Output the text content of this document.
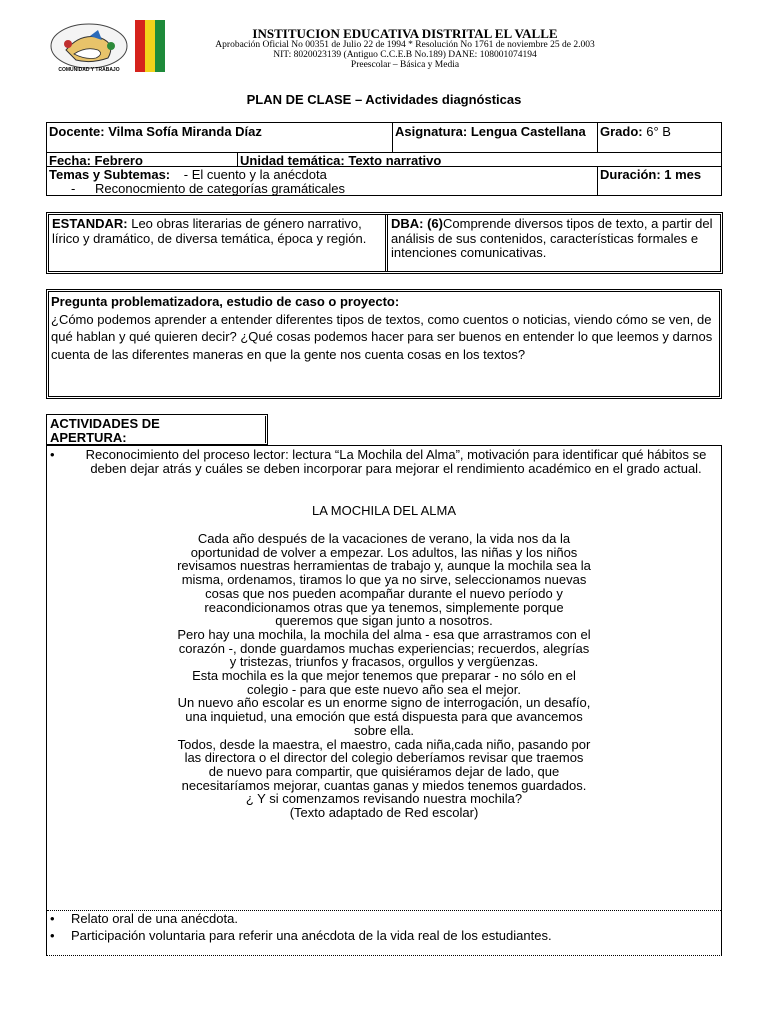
COMUNIDAD Y TRABAJO
INSTITUCION EDUCATIVA DISTRITAL EL VALLE
Aprobación Oficial No 00351 de Julio 22 de 1994 * Resolución No 1761 de noviembre 25 de 2.003
NIT: 8020023139 (Antiguo C.C.E.B No.189) DANE: 108001074194
Preescolar – Básica y Media
PLAN DE CLASE – Actividades diagnósticas
Docente: Vilma Sofía Miranda Díaz	Asignatura: Lengua Castellana	Grado: 6° B
Fecha: Febrero	Unidad temática: Texto narrativo
Temas y Subtemas: - El cuento y la anécdota
- Reconocmiento de categorías gramáticales
Duración: 1 mes
ESTANDAR: Leo obras literarias de género narrativo, lírico y dramático, de diversa temática, época y región.
DBA: (6)Comprende diversos tipos de texto, a partir del análisis de sus contenidos, características formales e intenciones comunicativas.
Pregunta problematizadora, estudio de caso o proyecto:
¿Cómo podemos aprender a entender diferentes tipos de textos, como cuentos o noticias, viendo cómo se ven, de qué hablan y qué quieren decir? ¿Qué cosas podemos hacer para ser buenos en entender lo que leemos y darnos cuenta de las diferentes maneras en que la gente nos cuenta cosas en los textos?
ACTIVIDADES DE
APERTURA:
•	Reconocimiento del proceso lector: lectura “La Mochila del Alma”, motivación para identificar qué hábitos se deben dejar atrás y cuáles se deben incorporar para mejorar el rendimiento académico en el grado actual.
LA MOCHILA DEL ALMA
Cada año después de la vacaciones de verano, la vida nos da la
oportunidad de volver a empezar. Los adultos, las niñas y los niños
revisamos nuestras herramientas de trabajo y, aunque la mochila sea la
misma, ordenamos, tiramos lo que ya no sirve, seleccionamos nuevas
cosas que nos pueden acompañar durante el nuevo período y
reacondicionamos otras que ya tenemos, simplemente porque
queremos que sigan junto a nosotros.
Pero hay una mochila, la mochila del alma - esa que arrastramos con el
corazón -, donde guardamos muchas experiencias; recuerdos, alegrías
y tristezas, triunfos y fracasos, orgullos y vergüenzas.
Esta mochila es la que mejor tenemos que preparar - no sólo en el
colegio - para que este nuevo año sea el mejor.
Un nuevo año escolar es un enorme signo de interrogación, un desafío,
una inquietud, una emoción que está dispuesta para que avancemos
sobre ella.
Todos, desde la maestra, el maestro, cada niña,cada niño, pasando por
las directora o el director del colegio deberíamos revisar que traemos
de nuevo para compartir, que quisiéramos dejar de lado, que
necesitaríamos mejorar, cuantas ganas y miedos tenemos guardados.
¿ Y si comenzamos revisando nuestra mochila?
(Texto adaptado de Red escolar)
• Relato oral de una anécdota.
• Participación voluntaria para referir una anécdota de la vida real de los estudiantes.
